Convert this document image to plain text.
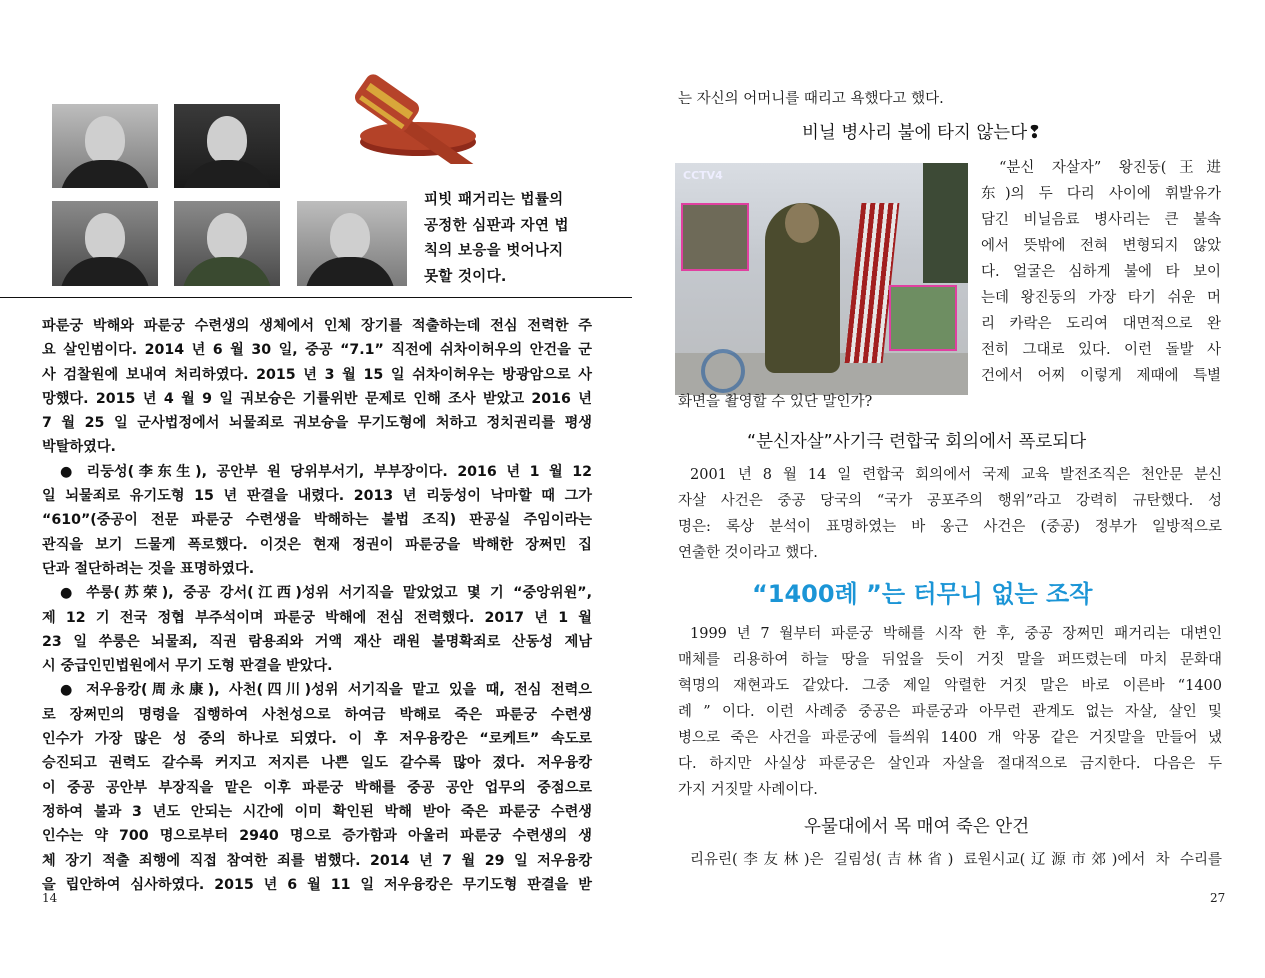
피빗 패거리는 법률의
공정한 심판과 자연 법
칙의 보응을 벗어나지
못할 것이다.
파룬궁 박해와 파룬궁 수련생의 생체에서 인체 장기를 적출하는데 전심 전력한 주
요 살인범이다. 2014 년 6 월 30 일, 중공 “7.1” 직전에 쉬차이허우의 안건을 군
사 검찰원에 보내여 처리하였다. 2015 년 3 월 15 일 쉬차이허우는 방광암으로 사
망했다. 2015 년 4 월 9 일 궈보슝은 기률위반 문제로 인해 조사 받았고 2016 년
7 월 25 일 군사법정에서 뇌물죄로 궈보슝을 무기도형에 처하고 정치권리를 평생
박탈하였다.
● 리둥성(李东生), 공안부 원 당위부서기, 부부장이다. 2016 년 1 월 12
일 뇌물죄로 유기도형 15 년 판결을 내렸다. 2013 년 리둥성이 낙마할 때 그가
“610”(중공이 전문 파룬궁 수련생을 박해하는 불법 조직) 판공실 주임이라는
관직을 보기 드물게 폭로했다. 이것은 현재 정권이 파룬궁을 박해한 장쩌민 집
단과 절단하려는 것을 표명하였다.
● 쑤룽(苏荣), 중공 강서(江西)성위 서기직을 맡았었고 몇 기 “중앙위원”,
제 12 기 전국 정협 부주석이며 파룬궁 박해에 전심 전력했다. 2017 년 1 월
23 일 쑤룽은 뇌물죄, 직권 람용죄와 거액 재산 래원 불명확죄로 산동성 제남
시 중급인민법원에서 무기 도형 판결을 받았다.
● 저우융캉(周永康), 사천(四川)성위 서기직을 맡고 있을 때, 전심 전력으
로 장쩌민의 명령을 집행하여 사천성으로 하여금 박해로 죽은 파룬궁 수련생
인수가 가장 많은 성 중의 하나로 되였다. 이 후 저우융캉은 “로케트” 속도로
승진되고 권력도 갈수록 커지고 저지른 나쁜 일도 갈수록 많아 졌다. 저우융캉
이 중공 공안부 부장직을 맡은 이후 파룬궁 박해를 중공 공안 업무의 중점으로
정하여 불과 3 년도 안되는 시간에 이미 확인된 박해 받아 죽은 파룬궁 수련생
인수는 약 700 명으로부터 2940 명으로 증가함과 아울러 파룬궁 수련생의 생
체 장기 적출 죄행에 직접 참여한 죄를 범했다. 2014 년 7 월 29 일 저우융캉
을 립안하여 심사하였다. 2015 년 6 월 11 일 저우융캉은 무기도형 판결을 받
14
는 자신의 어머니를 때리고 욕했다고 했다.
비닐 병사리 불에 타지 않는다❢
CCTV4	“분신 자살자” 왕진둥(王进
东)의 두 다리 사이에 휘발유가
담긴 비닐음료 병사리는 큰 불속
에서 뜻밖에 전혀 변형되지 않았
다. 얼굴은 심하게 불에 타 보이
는데 왕진둥의 가장 타기 쉬운 머
리 카락은 도리여 대면적으로 완
전히 그대로 있다. 이런 돌발 사
건에서 어찌 이렇게 제때에 특별
화면을 촬영할 수 있단 말인가?
“분신자살”사기극 련합국 회의에서 폭로되다
2001 년 8 월 14 일 련합국 회의에서 국제 교육 발전조직은 천안문 분신
자살 사건은 중공 당국의 “국가 공포주의 행위”라고 강력히 규탄했다. 성
명은: 록상 분석이 표명하였는 바 옹근 사건은 (중공) 정부가 일방적으로
연출한 것이라고 했다.
“1400례 ”는 터무니 없는 조작
1999 년 7 월부터 파룬궁 박해를 시작 한 후, 중공 장쩌민 패거리는 대변인
매체를 리용하여 하늘 땅을 뒤엎을 듯이 거짓 말을 퍼뜨렸는데 마치 문화대
혁명의 재현과도 같았다. 그중 제일 악렬한 거짓 말은 바로 이른바 “1400
례 ” 이다. 이런 사례중 중공은 파룬궁과 아무런 관계도 없는 자살, 살인 및
병으로 죽은 사건을 파룬궁에 들씌워 1400 개 악몽 같은 거짓말을 만들어 냈
다. 하지만 사실상 파룬궁은 살인과 자살을 절대적으로 금지한다. 다음은 두
가지 거짓말 사례이다.
우물대에서 목 매여 죽은 안건
리유린(李友林)은 길림성(吉林省) 료원시교(辽源市郊)에서 차 수리를
27
